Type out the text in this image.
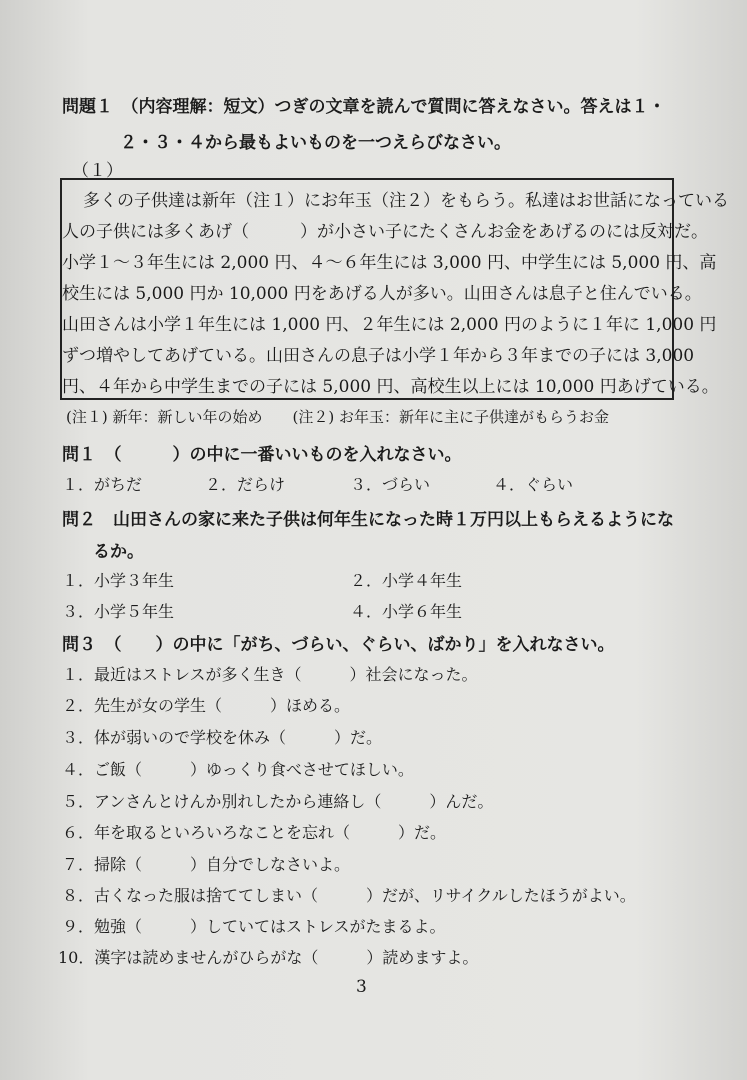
問題１　（内容理解：短文）つぎの文章を読んで質問に答えなさい。答えは１・
２・３・４から最もよいものを一つえらびなさい。
（１）
　多くの子供達は新年（注１）にお年玉（注２）をもらう。私達はお世話になっている
人の子供には多くあげ（　　　）が小さい子にたくさんお金をあげるのには反対だ。
小学１～３年生には 2,000 円、４～６年生には 3,000 円、中学生には 5,000 円、高
校生には 5,000 円か 10,000 円をあげる人が多い。山田さんは息子と住んでいる。
山田さんは小学１年生には 1,000 円、２年生には 2,000 円のように１年に 1,000 円
ずつ増やしてあげている。山田さんの息子は小学１年から３年までの子には 3,000
円、４年から中学生までの子には 5,000 円、高校生以上には 10,000 円あげている。
(注１) 新年：新しい年の始め　　(注２) お年玉：新年に主に子供達がもらうお金
問１　（　　　）の中に一番いいものを入れなさい。
１．がちだ	２．だらけ	３．づらい	４．ぐらい
問２　山田さんの家に来た子供は何年生になった時１万円以上もらえるようにな
るか。
１．小学３年生	２．小学４年生
３．小学５年生	４．小学６年生
問３　（　　）の中に「がち、づらい、ぐらい、ばかり」を入れなさい。
１．最近はストレスが多く生き（　　　）社会になった。
２．先生が女の学生（　　　）ほめる。
３．体が弱いので学校を休み（　　　）だ。
４．ご飯（　　　）ゆっくり食べさせてほしい。
５．アンさんとけんか別れしたから連絡し（　　　）んだ。
６．年を取るといろいろなことを忘れ（　　　）だ。
７．掃除（　　　）自分でしなさいよ。
８．古くなった服は捨ててしまい（　　　）だが、リサイクルしたほうがよい。
９．勉強（　　　）していてはストレスがたまるよ。
10．漢字は読めませんがひらがな（　　　）読めますよ。
3
